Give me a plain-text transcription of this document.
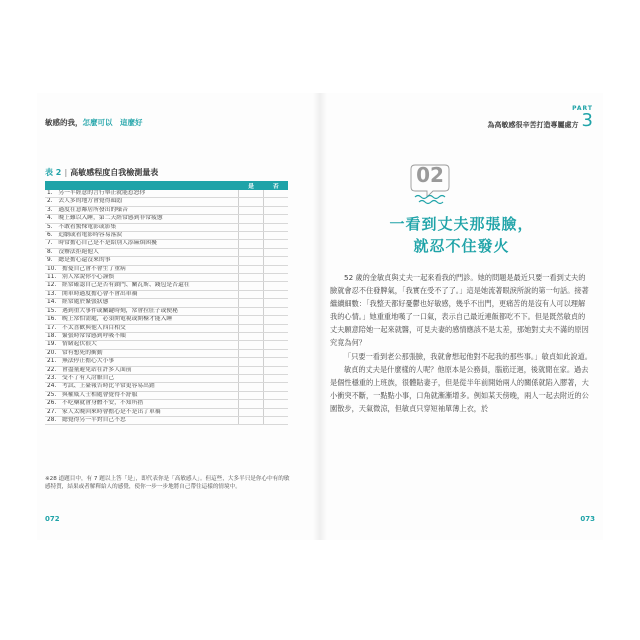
敏感的我，怎麼可以　這麼好
表 2 | 高敏感程度自我檢測量表
	是	否
1.　另一半經意的言行舉止就能惹怒你		
2.　去人多的地方會覺得頭悶		
3.　過度在意鄰居所發出的噪音		
4.　晚上難以入睡，第二天經常感到非常疲憊		
5.　不敢看驚悚電影或影集		
6.　追劇或看電影時容易落淚		
7.　時常擔心自己是不是給別人添麻煩困擾		
8.　沒辦法拒絕他人		
9.　總是擔心還沒來的事		
10.　擔憂自己會不會生了重病		
11.　別人常說你小心謹慎		
12.　經常確認自己是否有鎖門、關瓦斯、錢包是否還在		
13.　開車時過度擔心會不會出車禍		
14.　經常處於緊張狀態		
15.　遇到重大事件或關鍵時刻，常會拉肚子或便秘		
16.　晚上常怕需處，必須開電視或開檯才能入睡		
17.　不太喜歡與他人四目相交		
18.　緊張時常常感到呼吸不順		
19.　情緒起伏很大		
20.　常有想死的衝動		
21.　無法停止擔心大小事		
22.　會盡量避免站在許多人面前		
23.　受不了有人討厭自己		
24.　考試、上臺報告時比平常更容易出錯		
25.　與權威人士相處會覺得不舒服		
26.　不吃藥就會身體不安，不知所措		
27.　家人太晚回來時會擔心是不是出了車禍		
28.　總覺得另一半對自己不忠		
※28 道題目中，有 7 題以上答「是」，即代表你是「高敏感人」。但這些，大多半只是你心中有的敏感特質，結果或者解釋給人的感覺，使你一步一步地將自己帶往這樣的情境中。
072
PART
為高敏感很辛苦打造專屬處方 3
02
一看到丈夫那張臉，
就忍不住發火

52 歲的金敏貞與丈夫一起來看我的門診。她的問題是最近只要一看到丈夫的臉就會忍不住發脾氣，「我實在受不了了。」這是她流著眼淚所說的第一句話。接著繼續細數：「我整天都好憂鬱也好敏感，幾乎不出門，更痛苦的是沒有人可以理解我的心情。」她重重地嘆了一口氣，表示自己最近連飯都吃不下。但是既然敏貞的丈夫願意陪她一起來就醫，可見夫妻的感情應該不是太差，那她對丈夫不滿的原因究竟為何？

「只要一看到老公那張臉，我就會想起他對不起我的那些事。」敏貞如此說道。

敏貞的丈夫是什麼樣的人呢？他原本是公務員，腦筋迂迴，後就閒在家。過去是個性穩重的上班族，很體貼妻子，但是從半年前開始兩人的關係就陷入膠著，大小衝突不斷，一點點小事，口角就漸漸增多。例如某天傍晚，兩人一起去附近的公園散步，天氣微涼，但敏貞只穿短袖單薄上衣，於

073
